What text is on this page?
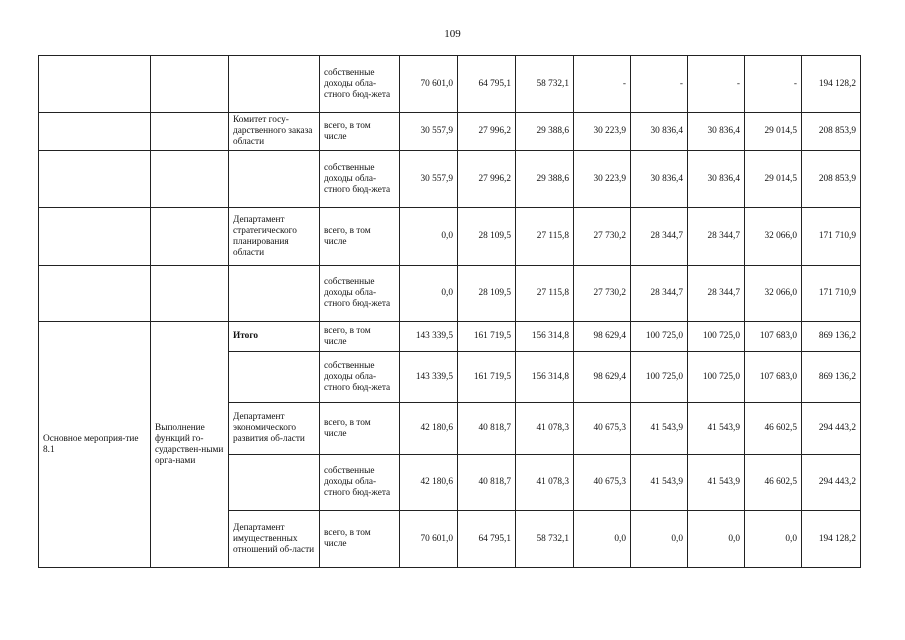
109
			собственные доходы обла-стного бюд-жета	70 601,0	64 795,1	58 732,1	-	-	-	-	194 128,2
		Комитет госу-дарственного заказа области	всего, в том числе	30 557,9	27 996,2	29 388,6	30 223,9	30 836,4	30 836,4	29 014,5	208 853,9
			собственные доходы обла-стного бюд-жета	30 557,9	27 996,2	29 388,6	30 223,9	30 836,4	30 836,4	29 014,5	208 853,9
		Департамент стратегического планирования области	всего, в том числе	0,0	28 109,5	27 115,8	27 730,2	28 344,7	28 344,7	32 066,0	171 710,9
			собственные доходы обла-стного бюд-жета	0,0	28 109,5	27 115,8	27 730,2	28 344,7	28 344,7	32 066,0	171 710,9
Основное мероприя-тие 8.1	Выполнение функций го-сударствен-ными орга-нами	Итого	всего, в том числе	143 339,5	161 719,5	156 314,8	98 629,4	100 725,0	100 725,0	107 683,0	869 136,2
			собственные доходы обла-стного бюд-жета	143 339,5	161 719,5	156 314,8	98 629,4	100 725,0	100 725,0	107 683,0	869 136,2
		Департамент экономического развития об-ласти	всего, в том числе	42 180,6	40 818,7	41 078,3	40 675,3	41 543,9	41 543,9	46 602,5	294 443,2
			собственные доходы обла-стного бюд-жета	42 180,6	40 818,7	41 078,3	40 675,3	41 543,9	41 543,9	46 602,5	294 443,2
		Департамент имущественных отношений об-ласти	всего, в том числе	70 601,0	64 795,1	58 732,1	0,0	0,0	0,0	0,0	194 128,2
